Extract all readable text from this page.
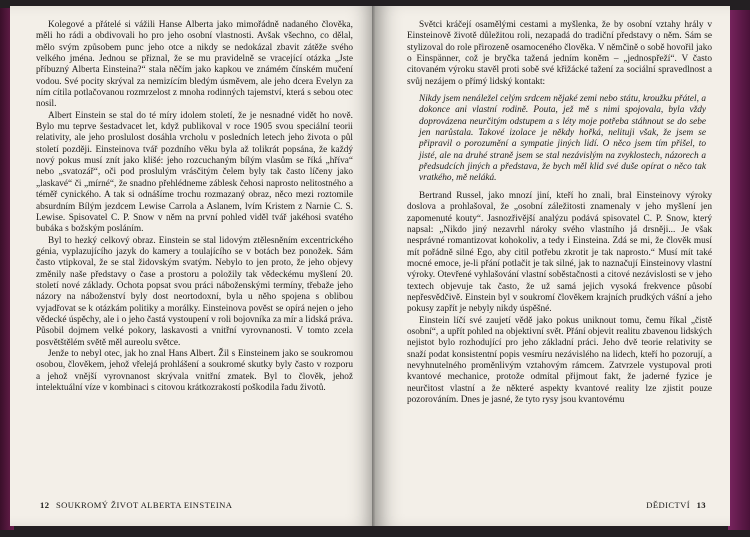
Kolegové a přátelé si vážili Hanse Alberta jako mimořádně nadaného člověka, měli ho rádi a obdivovali ho pro jeho osobní vlastnosti. Avšak všechno, co dělal, mělo svým způsobem punc jeho otce a nikdy se nedokázal zbavit zátěže svého velkého jména. Jednou se přiznal, že se mu pravidelně se vracející otázka „Jste příbuzný Alberta Einsteina?“ stala něčím jako kapkou ve známém čínském mučení vodou. Své pocity skrýval za nemizícím bledým úsměvem, ale jeho dcera Evelyn za ním cítila potlačovanou rozmrzelost z mnoha rodinných tajemství, která s sebou otec nosil.

Albert Einstein se stal do té míry idolem století, že je nesnadné vidět ho nově. Bylo mu teprve šestadvacet let, když publikoval v roce 1905 svou speciální teorii relativity, ale jeho proslulost dosáhla vrcholu v posledních letech jeho života o půl století později. Einsteinova tvář pozdního věku byla až tolikrát popsána, že každý nový pokus musí znít jako klišé: jeho rozcuchaným bílým vlasům se říká „hříva“ nebo „svatozář“, oči pod proslulým vrásčitým čelem byly tak často líčeny jako „laskavé“ či „mírné“, že snadno přehlédneme záblesk čehosi naprosto nelitostného a téměř cynického. A tak si odnášíme trochu rozmazaný obraz, něco mezi roztomile absurdním Bílým jezdcem Lewise Carrola a Aslanem, lvím Kristem z Narnie C. S. Lewise. Spisovatel C. P. Snow v něm na první pohled viděl tvář jakéhosi svatého bubáka s božským posláním.

Byl to hezký celkový obraz. Einstein se stal lidovým ztělesněním excentrického génia, vyplazujícího jazyk do kamery a toulajícího se v botách bez ponožek. Sám často vtipkoval, že se stal židovským svatým. Nebylo to jen proto, že jeho objevy změnily naše představy o čase a prostoru a položily tak vědeckému myšlení 20. století nové základy. Ochota popsat svou práci náboženskými termíny, třebaže jeho názory na náboženství byly dost neortodoxní, byla u něho spojena s oblibou vyjadřovat se k otázkám politiky a morálky. Einsteinova pověst se opírá nejen o jeho vědecké úspěchy, ale i o jeho častá vystoupení v roli bojovníka za mír a lidská práva. Působil dojmem velké pokory, laskavosti a vnitřní vyrovnanosti. V tomto zcela posvětštělém světě měl aureolu světce.

Jenže to nebyl otec, jak ho znal Hans Albert. Žil s Einsteinem jako se soukromou osobou, člověkem, jehož vřelejá prohlášení a soukromé skutky byly často v rozporu a jehož vnější vyrovnanost skrývala vnitřní zmatek. Byl to člověk, jehož intelektuální víze v kombinaci s citovou krátkozrakostí poškodila řadu životů.

12 SOUKROMÝ ŽIVOT ALBERTA EINSTEINA

Světci kráčejí osamělými cestami a myšlenka, že by osobní vztahy hrály v Einsteinově životě důležitou roli, nezapadá do tradiční představy o něm. Sám se stylizoval do role přirozeně osamoceného člověka. V němčině o sobě hovořil jako o Einspänner, což je bryčka tažená jedním koněm – „jednospřeží“. V často citovaném výroku stavěl proti sobě své křižácké tažení za sociální spravedlnost a svůj nezájem o přímý lidský kontakt:

Nikdy jsem nenáležel celým srdcem nějaké zemi nebo státu, kroužku přátel, a dokonce ani vlastní rodině. Pouta, jež mě s nimi spojovala, byla vždy doprovázena neurčitým odstupem a s léty moje potřeba stáhnout se do sebe jen narůstala. Takové izolace je někdy hořká, nelituji však, že jsem se připravil o porozumění a sympatie jiných lidí. O něco jsem tím přišel, to jisté, ale na druhé straně jsem se stal nezávislým na zvyklostech, názorech a předsudcích jiných a představa, že bych měl klid své duše opírat o něco tak vratkého, mě neláká.

Bertrand Russel, jako mnozí jiní, kteří ho znali, bral Einsteinovy výroky doslova a prohlašoval, že „osobní záležitosti znamenaly v jeho myšlení jen zapomenuté kouty“. Jasnozřivější analýzu podává spisovatel C. P. Snow, který napsal: „Nikdo jiný nezavrhl nároky svého vlastního já drsněji... Je však nesprávné romantizovat kohokoliv, a tedy i Einsteina. Zdá se mi, že člověk musí mít pořádně silné Ego, aby citil potřebu zkrotit je tak naprosto.“ Musí mít také mocné emoce, je-li přání potlačit je tak silné, jak to naznačují Einsteinovy vlastní výroky. Otevřené vyhlašování vlastní soběstačnosti a citové nezávislosti se v jeho textech objevuje tak často, že už samá jejich vysoká frekvence působí nepřesvědčivě. Einstein byl v soukromí člověkem krajních prudkých vášní a jeho pokusy zapřít je nebyly nikdy úspěšné.

Einstein líčí své zaujetí vědě jako pokus uniknout tomu, čemu říkal „čistě osobní“, a upřít pohled na objektivní svět. Přání objevit realitu zbavenou lidských nejistot bylo rozhodující pro jeho základní práci. Jeho dvě teorie relativity se snaží podat konsistentní popis vesmíru nezávislého na lidech, kteří ho pozorují, a nevyhnutelného proměnlivým vztahovým rámcem. Zatvrzele vystupoval proti kvantové mechanice, protože odmítal přijmout fakt, že jaderné fyzice je neurčitost vlastní a že některé aspekty kvantové reality lze zjistit pouze pozorováním. Dnes je jasné, že tyto rysy jsou kvantovému

DĚDICTVÍ 13
